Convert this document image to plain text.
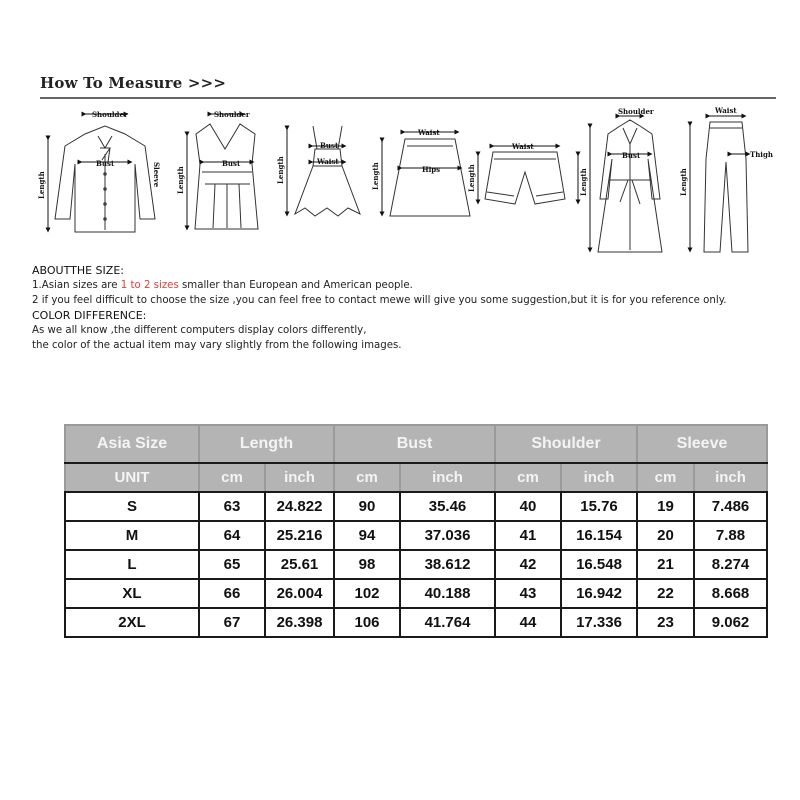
How To Measure >>>
Shoulder
Bust
Length	Sleeve
Shoulder
Bust
Length
Bust
Waist
Length
Waist
Hips
Length
Waist
Length
Shoulder
Bust
Length
Waist
Thigh
Length
ABOUTTHE SIZE:
1.Asian sizes are 1 to 2 sizes smaller than European and American people.
2 if you feel difficult to choose the size ,you can feel free to contact mewe will give you some suggestion,but it is for you reference only.
COLOR DIFFERENCE:
As we all know ,the different computers display colors differently,
the color of the actual item may vary slightly from the following images.
Asia Size	Length		Bust		Shoulder		Sleeve	
UNIT	cm	inch	cm	inch	cm	inch	cm	inch
S	63	24.822	90	35.46	40	15.76	19	7.486
M	64	25.216	94	37.036	41	16.154	20	7.88
L	65	25.61	98	38.612	42	16.548	21	8.274
XL	66	26.004	102	40.188	43	16.942	22	8.668
2XL	67	26.398	106	41.764	44	17.336	23	9.062
